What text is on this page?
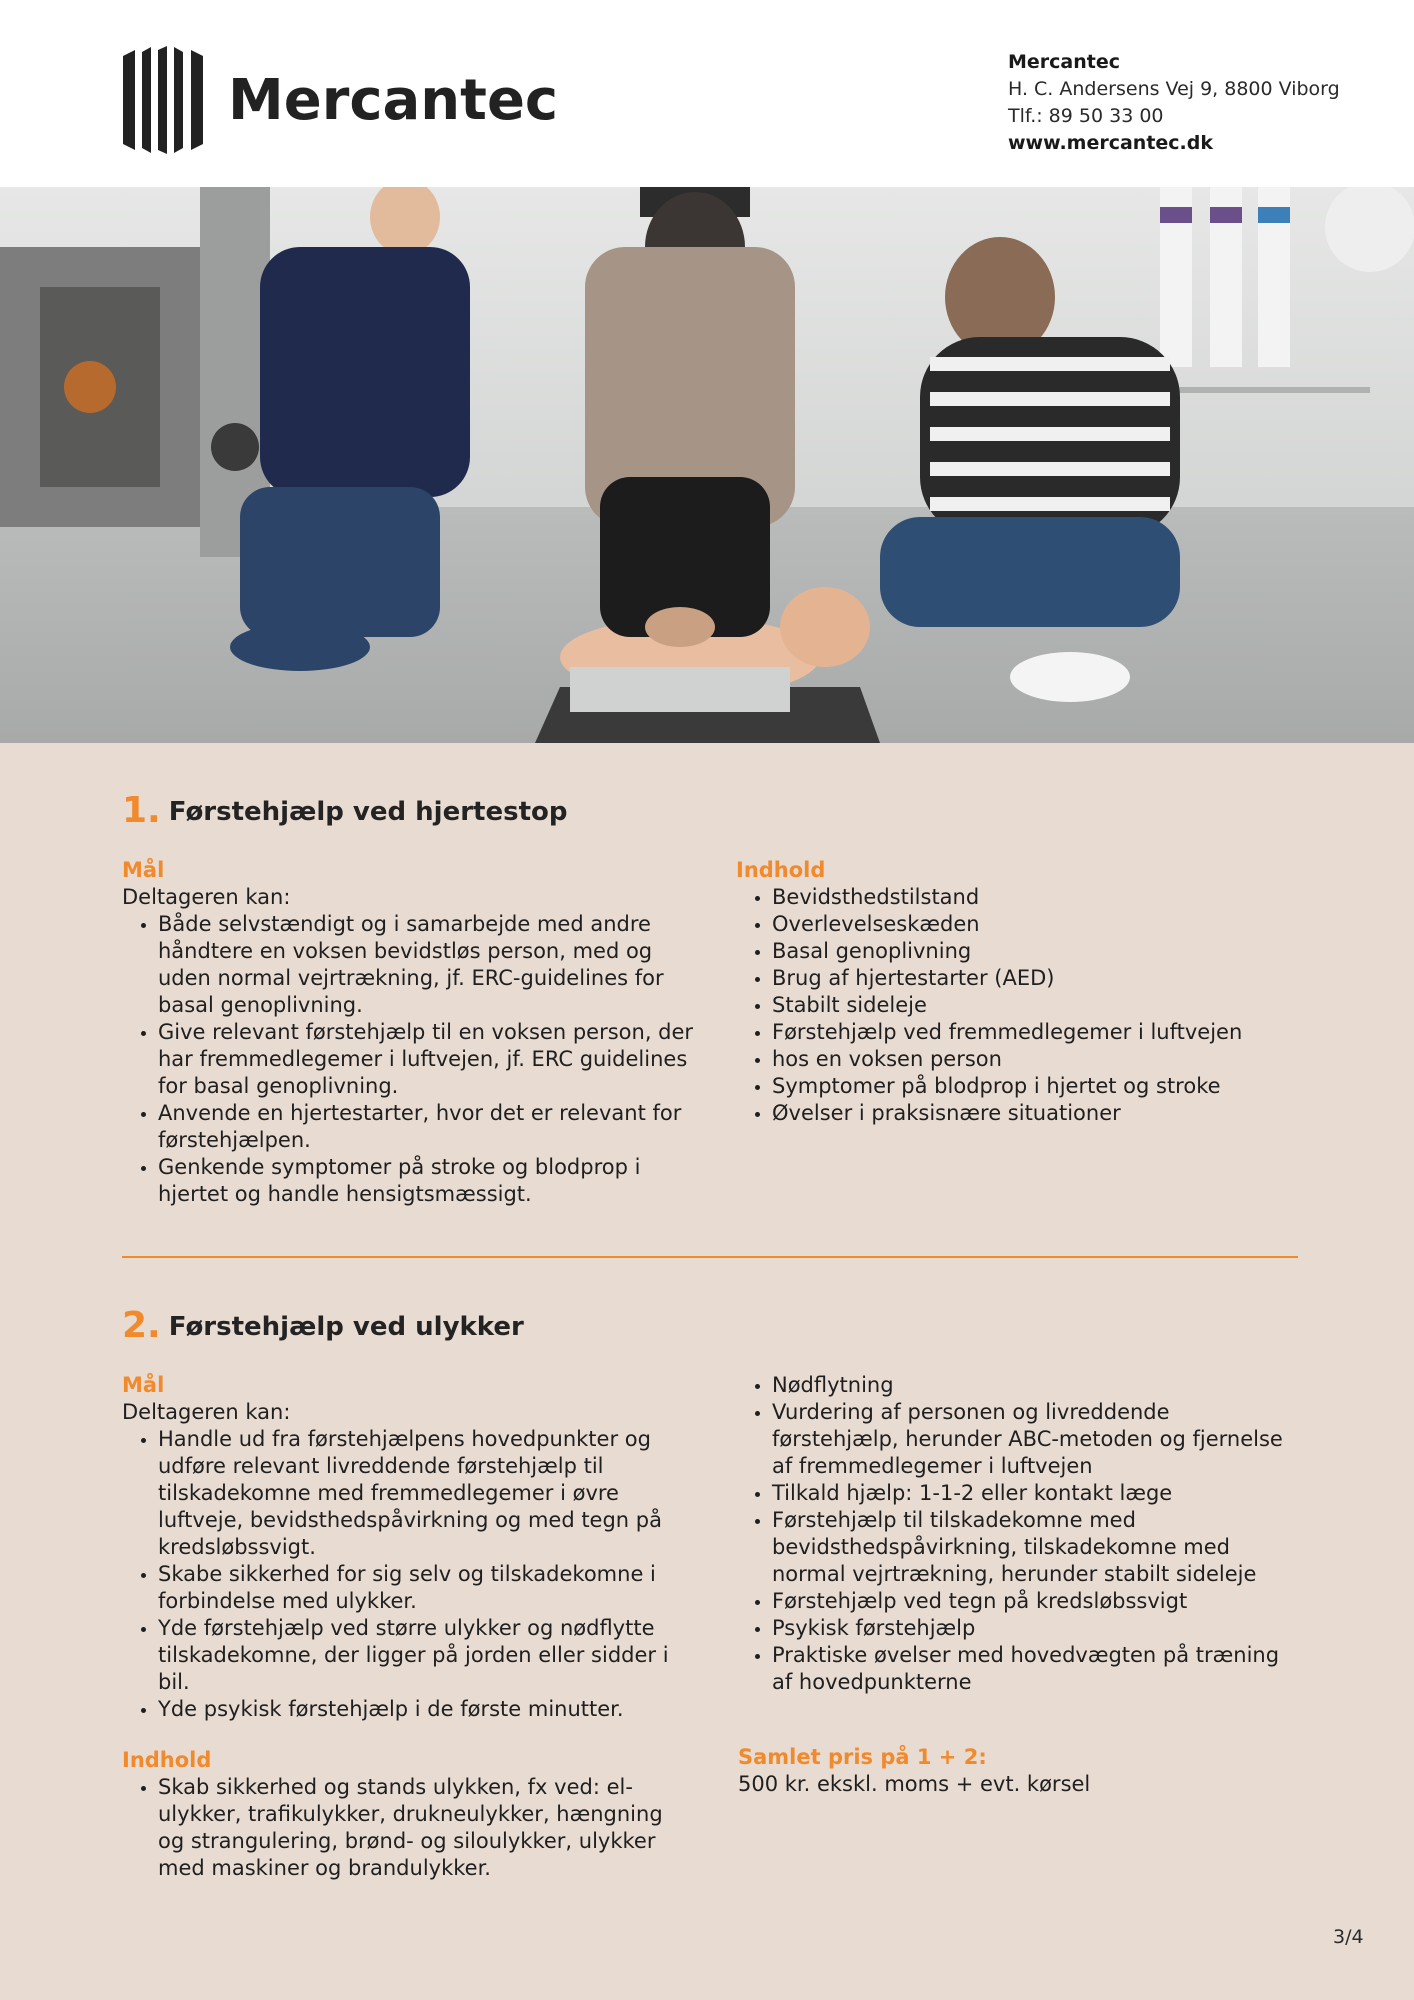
Mercantec
Mercantec
H. C. Andersens Vej 9, 8800 Viborg
Tlf.: 89 50 33 00
www.mercantec.dk
1. Førstehjælp ved hjertestop
Mål
Deltageren kan:
• Både selvstændigt og i samarbejde med andre håndtere en voksen bevidstløs person, med og uden normal vejrtrækning, jf. ERC-guidelines for basal genoplivning.
• Give relevant førstehjælp til en voksen person, der har fremmedlegemer i luftvejen, jf. ERC guidelines for basal genoplivning.
• Anvende en hjertestarter, hvor det er relevant for førstehjælpen.
• Genkende symptomer på stroke og blodprop i hjertet og handle hensigtsmæssigt.
Indhold
• Bevidsthedstilstand
• Overlevelseskæden
• Basal genoplivning
• Brug af hjertestarter (AED)
• Stabilt sideleje
• Førstehjælp ved fremmedlegemer i luftvejen
• hos en voksen person
• Symptomer på blodprop i hjertet og stroke
• Øvelser i praksisnære situationer
2. Førstehjælp ved ulykker
Mål
Deltageren kan:
• Handle ud fra førstehjælpens hovedpunkter og udføre relevant livreddende førstehjælp til tilskadekomne med fremmedlegemer i øvre luftveje, bevidsthedspåvirkning og med tegn på kredsløbssvigt.
• Skabe sikkerhed for sig selv og tilskadekomne i forbindelse med ulykker.
• Yde førstehjælp ved større ulykker og nødflytte tilskadekomne, der ligger på jorden eller sidder i bil.
• Yde psykisk førstehjælp i de første minutter.
Indhold
• Skab sikkerhed og stands ulykken, fx ved: el-ulykker, trafikulykker, drukneulykker, hængning og strangulering, brønd- og siloulykker, ulykker med maskiner og brandulykker.
• Nødflytning
• Vurdering af personen og livreddende førstehjælp, herunder ABC-metoden og fjernelse af fremmedlegemer i luftvejen
• Tilkald hjælp: 1-1-2 eller kontakt læge
• Førstehjælp til tilskadekomne med bevidsthedspåvirkning, tilskadekomne med normal vejrtrækning, herunder stabilt sideleje
• Førstehjælp ved tegn på kredsløbssvigt
• Psykisk førstehjælp
• Praktiske øvelser med hovedvægten på træning af hovedpunkterne
Samlet pris på 1 + 2:
500 kr. ekskl. moms + evt. kørsel
3/4
